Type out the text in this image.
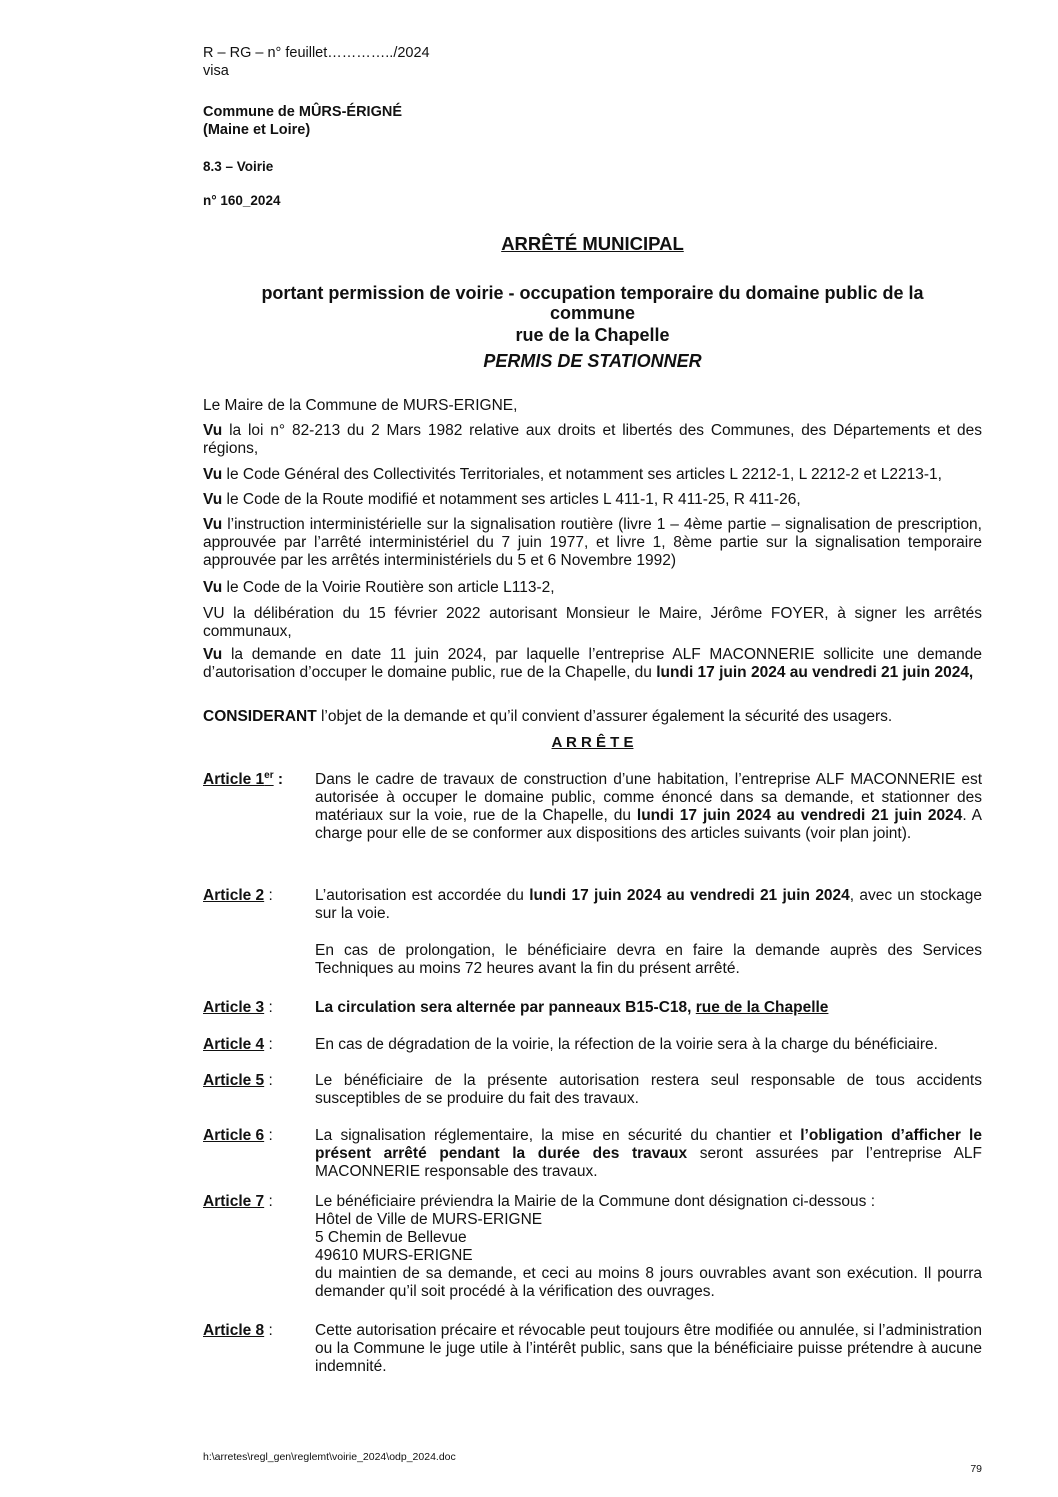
R – RG – n° feuillet…………../2024
visa
Commune de MÛRS-ÉRIGNÉ
(Maine et Loire)
8.3 – Voirie
n° 160_2024
ARRÊTÉ MUNICIPAL
portant permission de voirie - occupation temporaire du domaine public de la
commune
rue de la Chapelle
PERMIS DE STATIONNER
Le Maire de la Commune de MURS-ERIGNE,
Vu la loi n° 82-213 du 2 Mars 1982 relative aux droits et libertés des Communes, des Départements et des régions,
Vu le Code Général des Collectivités Territoriales, et notamment ses articles L 2212-1, L 2212-2 et L2213-1,
Vu le Code de la Route modifié et notamment ses articles L 411-1, R 411-25, R 411-26,
Vu l’instruction interministérielle sur la signalisation routière (livre 1 – 4ème partie – signalisation de prescription, approuvée par l’arrêté interministériel du 7 juin 1977, et livre 1, 8ème partie sur la signalisation temporaire approuvée par les arrêtés interministériels du 5 et 6 Novembre 1992)
Vu le Code de la Voirie Routière son article L113-2,
VU la délibération du 15 février 2022 autorisant Monsieur le Maire, Jérôme FOYER, à signer les arrêtés communaux,
Vu la demande en date 11 juin 2024, par laquelle l’entreprise ALF MACONNERIE sollicite une demande d’autorisation d’occuper le domaine public, rue de la Chapelle, du lundi 17 juin 2024 au vendredi 21 juin 2024,
CONSIDERANT l’objet de la demande et qu’il convient d’assurer également la sécurité des usagers.
A R R Ê T E
Article 1er : Dans le cadre de travaux de construction d’une habitation, l’entreprise ALF MACONNERIE est autorisée à occuper le domaine public, comme énoncé dans sa demande, et stationner des matériaux sur la voie, rue de la Chapelle, du lundi 17 juin 2024 au vendredi 21 juin 2024. A charge pour elle de se conformer aux dispositions des articles suivants (voir plan joint).
Article 2 :	L’autorisation est accordée du lundi 17 juin 2024 au vendredi 21 juin 2024, avec un stockage sur la voie.
En cas de prolongation, le bénéficiaire devra en faire la demande auprès des Services Techniques au moins 72 heures avant la fin du présent arrêté.
Article 3 :	La circulation sera alternée par panneaux B15-C18, rue de la Chapelle
Article 4 :	En cas de dégradation de la voirie, la réfection de la voirie sera à la charge du bénéficiaire.
Article 5 :	Le bénéficiaire de la présente autorisation restera seul responsable de tous accidents susceptibles de se produire du fait des travaux.
Article 6 :	La signalisation réglementaire, la mise en sécurité du chantier et l’obligation d’afficher le présent arrêté pendant la durée des travaux seront assurées par l’entreprise ALF MACONNERIE responsable des travaux.
Article 7 :	Le bénéficiaire préviendra la Mairie de la Commune dont désignation ci-dessous :
Hôtel de Ville de MURS-ERIGNE
5 Chemin de Bellevue
49610 MURS-ERIGNE
du maintien de sa demande, et ceci au moins 8 jours ouvrables avant son exécution. Il pourra demander qu’il soit procédé à la vérification des ouvrages.
Article 8 :	Cette autorisation précaire et révocable peut toujours être modifiée ou annulée, si l’administration ou la Commune le juge utile à l’intérêt public, sans que la bénéficiaire puisse prétendre à aucune indemnité.
h:\arretes\regl_gen\reglemt\voirie_2024\odp_2024.doc
79
